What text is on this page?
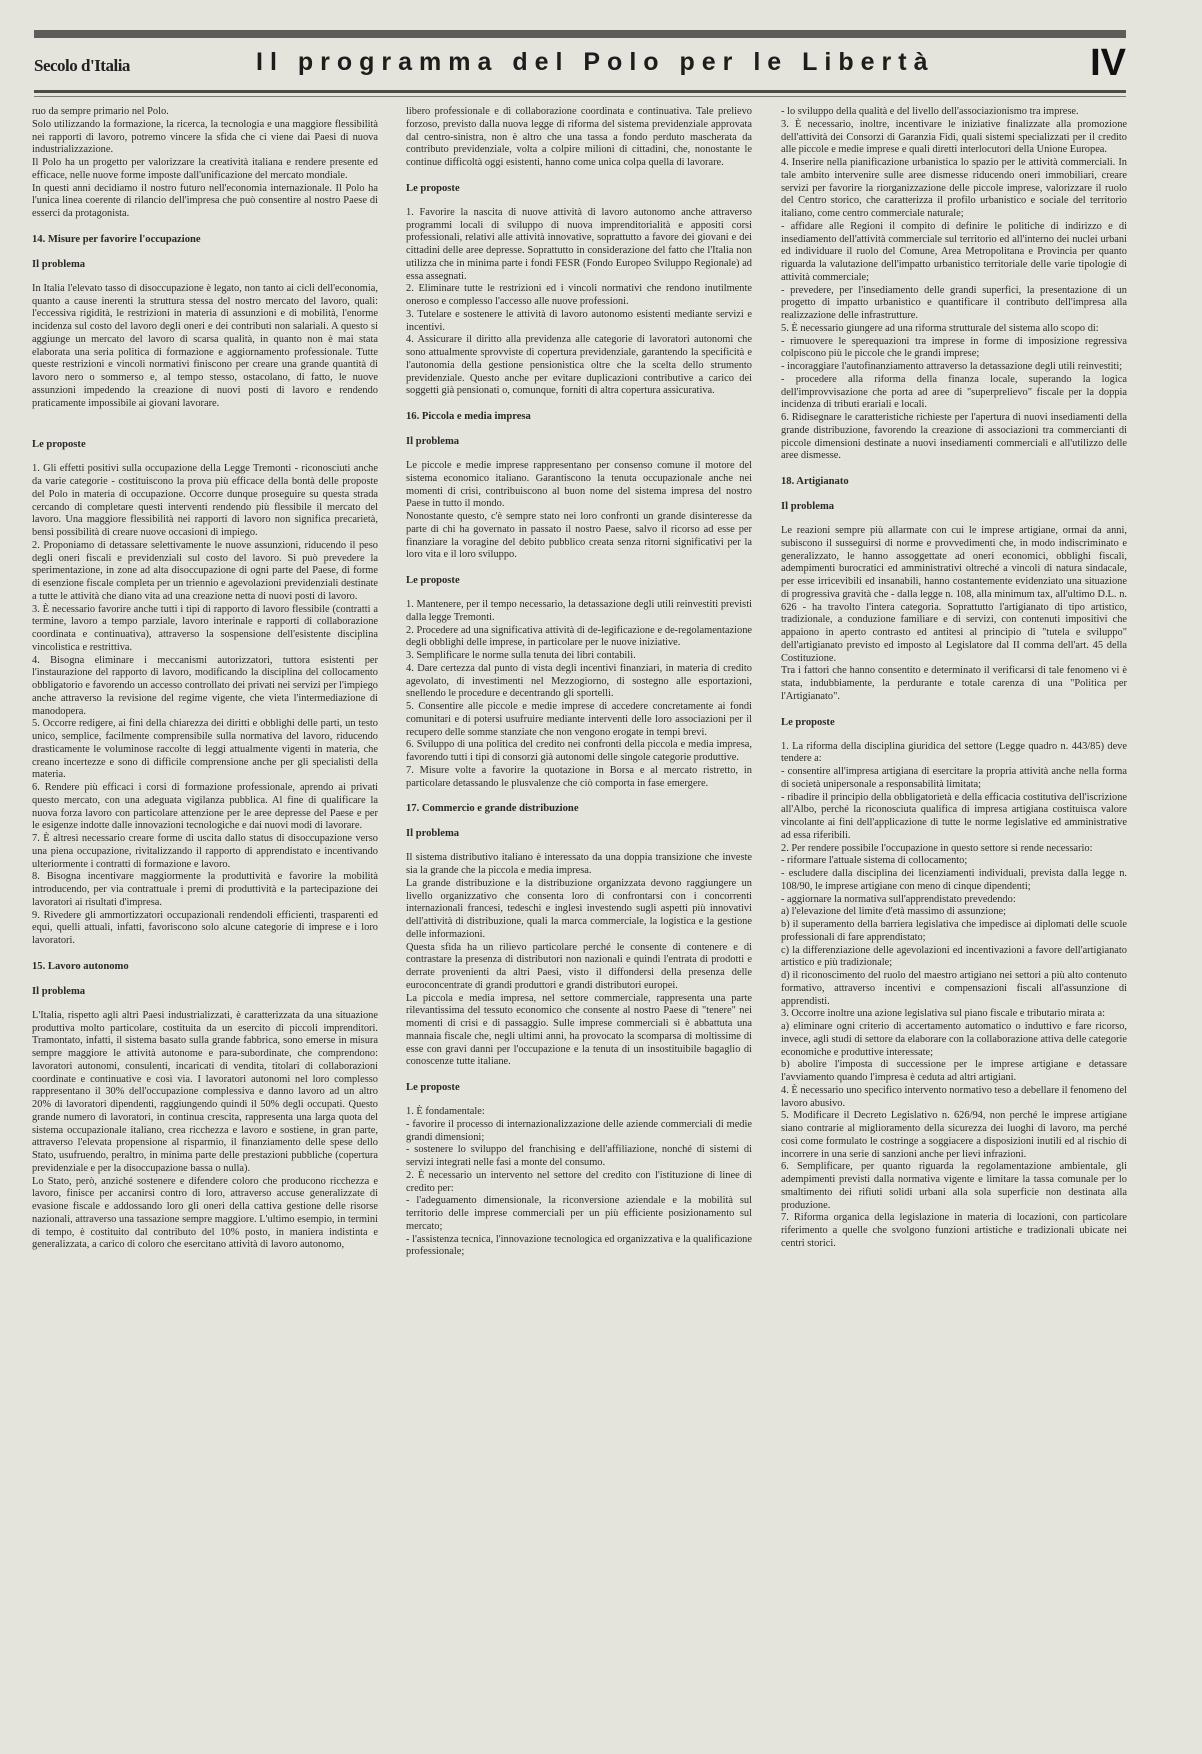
Secolo d'Italia	Il programma del Polo per le Libertà	IV

ruo da sempre primario nel Polo.

Solo utilizzando la formazione, la ricerca, la tecnologia e una maggiore flessibilità nei rapporti di lavoro, potremo vincere la sfida che ci viene dai Paesi di nuova industrializzazione.

Il Polo ha un progetto per valorizzare la creatività italiana e rendere presente ed efficace, nelle nuove forme imposte dall'unificazione del mercato mondiale.

In questi anni decidiamo il nostro futuro nell'economia internazionale. Il Polo ha l'unica linea coerente di rilancio dell'impresa che può consentire al nostro Paese di esserci da protagonista.

14. Misure per favorire l'occupazione
Il problema

In Italia l'elevato tasso di disoccupazione è legato, non tanto ai cicli dell'economia, quanto a cause inerenti la struttura stessa del nostro mercato del lavoro, quali: l'eccessiva rigidità, le restrizioni in materia di assunzioni e di mobilità, l'enorme incidenza sul costo del lavoro degli oneri e dei contributi non salariali. A questo si aggiunge un mercato del lavoro di scarsa qualità, in quanto non è mai stata elaborata una seria politica di formazione e aggiornamento professionale. Tutte queste restrizioni e vincoli normativi finiscono per creare una grande quantità di lavoro nero o sommerso e, al tempo stesso, ostacolano, di fatto, le nuove assunzioni impedendo la creazione di nuovi posti di lavoro e rendendo praticamente impossibile ai giovani lavorare.

Le proposte

1. Gli effetti positivi sulla occupazione della Legge Tremonti - riconosciuti anche da varie categorie - costituiscono la prova più efficace della bontà delle proposte del Polo in materia di occupazione. Occorre dunque proseguire su questa strada cercando di completare questi interventi rendendo più flessibile il mercato del lavoro. Una maggiore flessibilità nei rapporti di lavoro non significa precarietà, bensì possibilità di creare nuove occasioni di impiego.

2. Proponiamo di detassare selettivamente le nuove assunzioni, riducendo il peso degli oneri fiscali e previdenziali sul costo del lavoro. Si può prevedere la sperimentazione, in zone ad alta disoccupazione di ogni parte del Paese, di forme di esenzione fiscale completa per un triennio e agevolazioni previdenziali destinate a tutte le attività che diano vita ad una creazione netta di nuovi posti di lavoro.

3. È necessario favorire anche tutti i tipi di rapporto di lavoro flessibile (contratti a termine, lavoro a tempo parziale, lavoro interinale e rapporti di collaborazione coordinata e continuativa), attraverso la sospensione dell'esistente disciplina vincolistica e restrittiva.

4. Bisogna eliminare i meccanismi autorizzatori, tuttora esistenti per l'instaurazione del rapporto di lavoro, modificando la disciplina del collocamento obbligatorio e favorendo un accesso controllato dei privati nei servizi per l'impiego anche attraverso la revisione del regime vigente, che vieta l'intermediazione di manodopera.

5. Occorre redigere, ai fini della chiarezza dei diritti e obblighi delle parti, un testo unico, semplice, facilmente comprensibile sulla normativa del lavoro, riducendo drasticamente le voluminose raccolte di leggi attualmente vigenti in materia, che creano incertezze e sono di difficile comprensione anche per gli specialisti della materia.

6. Rendere più efficaci i corsi di formazione professionale, aprendo ai privati questo mercato, con una adeguata vigilanza pubblica. Al fine di qualificare la nuova forza lavoro con particolare attenzione per le aree depresse del Paese e per le esigenze indotte dalle innovazioni tecnologiche e dai nuovi modi di lavorare.

7. È altresì necessario creare forme di uscita dallo status di disoccupazione verso una piena occupazione, rivitalizzando il rapporto di apprendistato e incentivando ulteriormente i contratti di formazione e lavoro.

8. Bisogna incentivare maggiormente la produttività e favorire la mobilità introducendo, per via contrattuale i premi di produttività e la partecipazione dei lavoratori ai risultati d'impresa.

9. Rivedere gli ammortizzatori occupazionali rendendoli efficienti, trasparenti ed equi, quelli attuali, infatti, favoriscono solo alcune categorie di imprese e i loro lavoratori.

15. Lavoro autonomo
Il problema

L'Italia, rispetto agli altri Paesi industrializzati, è caratterizzata da una situazione produttiva molto particolare, costituita da un esercito di piccoli imprenditori. Tramontato, infatti, il sistema basato sulla grande fabbrica, sono emerse in misura sempre maggiore le attività autonome e para-subordinate, che comprendono: lavoratori autonomi, consulenti, incaricati di vendita, titolari di collaborazioni coordinate e continuative e così via. I lavoratori autonomi nel loro complesso rappresentano il 30% dell'occupazione complessiva e danno lavoro ad un altro 20% di lavoratori dipendenti, raggiungendo quindi il 50% degli occupati. Questo grande numero di lavoratori, in continua crescita, rappresenta una larga quota del sistema occupazionale italiano, crea ricchezza e lavoro e sostiene, in gran parte, attraverso l'elevata propensione al risparmio, il finanziamento delle spese dello Stato, usufruendo, peraltro, in minima parte delle prestazioni pubbliche (copertura previdenziale e per la disoccupazione bassa o nulla).

Lo Stato, però, anziché sostenere e difendere coloro che producono ricchezza e lavoro, finisce per accanirsi contro di loro, attraverso accuse generalizzate di evasione fiscale e addossando loro gli oneri della cattiva gestione delle risorse nazionali, attraverso una tassazione sempre maggiore. L'ultimo esempio, in termini di tempo, è costituito dal contributo del 10% posto, in maniera indistinta e generalizzata, a carico di coloro che esercitano attività di lavoro autonomo,

libero professionale e di collaborazione coordinata e continuativa. Tale prelievo forzoso, previsto dalla nuova legge di riforma del sistema previdenziale approvata dal centro-sinistra, non è altro che una tassa a fondo perduto mascherata da contributo previdenziale, volta a colpire milioni di cittadini, che, nonostante le continue difficoltà oggi esistenti, hanno come unica colpa quella di lavorare.

Le proposte

1. Favorire la nascita di nuove attività di lavoro autonomo anche attraverso programmi locali di sviluppo di nuova imprenditorialità e appositi corsi professionali, relativi alle attività innovative, soprattutto a favore dei giovani e dei cittadini delle aree depresse. Soprattutto in considerazione del fatto che l'Italia non utilizza che in minima parte i fondi FESR (Fondo Europeo Sviluppo Regionale) ad essa assegnati.

2. Eliminare tutte le restrizioni ed i vincoli normativi che rendono inutilmente oneroso e complesso l'accesso alle nuove professioni.

3. Tutelare e sostenere le attività di lavoro autonomo esistenti mediante servizi e incentivi.

4. Assicurare il diritto alla previdenza alle categorie di lavoratori autonomi che sono attualmente sprovviste di copertura previdenziale, garantendo la specificità e l'autonomia della gestione pensionistica oltre che la scelta dello strumento previdenziale. Questo anche per evitare duplicazioni contributive a carico dei soggetti già pensionati o, comunque, forniti di altra copertura assicurativa.

16. Piccola e media impresa
Il problema

Le piccole e medie imprese rappresentano per consenso comune il motore del sistema economico italiano. Garantiscono la tenuta occupazionale anche nei momenti di crisi, contribuiscono al buon nome del sistema impresa del nostro Paese in tutto il mondo.

Nonostante questo, c'è sempre stato nei loro confronti un grande disinteresse da parte di chi ha governato in passato il nostro Paese, salvo il ricorso ad esse per finanziare la voragine del debito pubblico creata senza ritorni significativi per la loro vita e il loro sviluppo.

Le proposte

1. Mantenere, per il tempo necessario, la detassazione degli utili reinvestiti previsti dalla legge Tremonti.

2. Procedere ad una significativa attività di de-legificazione e de-regolamentazione degli obblighi delle imprese, in particolare per le nuove iniziative.

3. Semplificare le norme sulla tenuta dei libri contabili.

4. Dare certezza dal punto di vista degli incentivi finanziari, in materia di credito agevolato, di investimenti nel Mezzogiorno, di sostegno alle esportazioni, snellendo le procedure e decentrando gli sportelli.

5. Consentire alle piccole e medie imprese di accedere concretamente ai fondi comunitari e di potersi usufruire mediante interventi delle loro associazioni per il recupero delle somme stanziate che non vengono erogate in tempi brevi.

6. Sviluppo di una politica del credito nei confronti della piccola e media impresa, favorendo tutti i tipi di consorzi già autonomi delle singole categorie produttive.

7. Misure volte a favorire la quotazione in Borsa e al mercato ristretto, in particolare detassando le plusvalenze che ciò comporta in fase emergere.

17. Commercio e grande distribuzione
Il problema

Il sistema distributivo italiano è interessato da una doppia transizione che investe sia la grande che la piccola e media impresa.

La grande distribuzione e la distribuzione organizzata devono raggiungere un livello organizzativo che consenta loro di confrontarsi con i concorrenti internazionali francesi, tedeschi e inglesi investendo sugli aspetti più innovativi dell'attività di distribuzione, quali la marca commerciale, la logistica e la gestione delle informazioni.

Questa sfida ha un rilievo particolare perché le consente di contenere e di contrastare la presenza di distributori non nazionali e quindi l'entrata di prodotti e derrate provenienti da altri Paesi, visto il diffondersi della presenza delle euroconcentrate di grandi produttori e grandi distributori europei.

La piccola e media impresa, nel settore commerciale, rappresenta una parte rilevantissima del tessuto economico che consente al nostro Paese di "tenere" nei momenti di crisi e di passaggio. Sulle imprese commerciali si è abbattuta una mannaia fiscale che, negli ultimi anni, ha provocato la scomparsa di moltissime di esse con gravi danni per l'occupazione e la tenuta di un insostituibile bagaglio di conoscenze tutte italiane.

Le proposte

1. È fondamentale:

- favorire il processo di internazionalizzazione delle aziende commerciali di medie grandi dimensioni;

- sostenere lo sviluppo del franchising e dell'affiliazione, nonché di sistemi di servizi integrati nelle fasi a monte del consumo.

2. È necessario un intervento nel settore del credito con l'istituzione di linee di credito per:

- l'adeguamento dimensionale, la riconversione aziendale e la mobilità sul territorio delle imprese commerciali per un più efficiente posizionamento sul mercato;

- l'assistenza tecnica, l'innovazione tecnologica ed organizzativa e la qualificazione professionale;

- lo sviluppo della qualità e del livello dell'associazionismo tra imprese.

3. È necessario, inoltre, incentivare le iniziative finalizzate alla promozione dell'attività dei Consorzi di Garanzia Fidi, quali sistemi specializzati per il credito alle piccole e medie imprese e quali diretti interlocutori della Unione Europea.

4. Inserire nella pianificazione urbanistica lo spazio per le attività commerciali. In tale ambito intervenire sulle aree dismesse riducendo oneri immobiliari, creare servizi per favorire la riorganizzazione delle piccole imprese, valorizzare il ruolo del Centro storico, che caratterizza il profilo urbanistico e sociale del territorio italiano, come centro commerciale naturale;

- affidare alle Regioni il compito di definire le politiche di indirizzo e di insediamento dell'attività commerciale sul territorio ed all'interno dei nuclei urbani ed individuare il ruolo del Comune, Area Metropolitana e Provincia per quanto riguarda la valutazione dell'impatto urbanistico territoriale delle varie tipologie di attività commerciale;

- prevedere, per l'insediamento delle grandi superfici, la presentazione di un progetto di impatto urbanistico e quantificare il contributo dell'impresa alla realizzazione delle infrastrutture.

5. È necessario giungere ad una riforma strutturale del sistema allo scopo di:

- rimuovere le sperequazioni tra imprese in forme di imposizione regressiva colpiscono più le piccole che le grandi imprese;

- incoraggiare l'autofinanziamento attraverso la detassazione degli utili reinvestiti;

- procedere alla riforma della finanza locale, superando la logica dell'improvvisazione che porta ad aree di "superprelievo" fiscale per la doppia incidenza di tributi erariali e locali.

6. Ridisegnare le caratteristiche richieste per l'apertura di nuovi insediamenti della grande distribuzione, favorendo la creazione di associazioni tra commercianti di piccole dimensioni destinate a nuovi insediamenti commerciali e all'utilizzo delle aree dismesse.

18. Artigianato
Il problema

Le reazioni sempre più allarmate con cui le imprese artigiane, ormai da anni, subiscono il susseguirsi di norme e provvedimenti che, in modo indiscriminato e generalizzato, le hanno assoggettate ad oneri economici, obblighi fiscali, adempimenti burocratici ed amministrativi oltreché a vincoli di natura sindacale, per esse irricevibili ed insanabili, hanno costantemente evidenziato una situazione di progressiva gravità che - dalla legge n. 108, alla minimum tax, all'ultimo D.L. n. 626 - ha travolto l'intera categoria. Soprattutto l'artigianato di tipo artistico, tradizionale, a conduzione familiare e di servizi, con contenuti impositivi che appaiono in aperto contrasto ed antitesi al principio di "tutela e sviluppo" dell'artigianato previsto ed imposto al Legislatore dal II comma dell'art. 45 della Costituzione.

Tra i fattori che hanno consentito e determinato il verificarsi di tale fenomeno vi è stata, indubbiamente, la perdurante e totale carenza di una "Politica per l'Artigianato".

Le proposte

1. La riforma della disciplina giuridica del settore (Legge quadro n. 443/85) deve tendere a:

- consentire all'impresa artigiana di esercitare la propria attività anche nella forma di società unipersonale a responsabilità limitata;

- ribadire il principio della obbligatorietà e della efficacia costitutiva dell'iscrizione all'Albo, perché la riconosciuta qualifica di impresa artigiana costituisca valore vincolante ai fini dell'applicazione di tutte le norme legislative ed amministrative ad essa riferibili.

2. Per rendere possibile l'occupazione in questo settore si rende necessario:

- riformare l'attuale sistema di collocamento;

- escludere dalla disciplina dei licenziamenti individuali, prevista dalla legge n. 108/90, le imprese artigiane con meno di cinque dipendenti;

- aggiornare la normativa sull'apprendistato prevedendo:

a) l'elevazione del limite d'età massimo di assunzione;

b) il superamento della barriera legislativa che impedisce ai diplomati delle scuole professionali di fare apprendistato;

c) la differenziazione delle agevolazioni ed incentivazioni a favore dell'artigianato artistico e più tradizionale;

d) il riconoscimento del ruolo del maestro artigiano nei settori a più alto contenuto formativo, attraverso incentivi e compensazioni fiscali all'assunzione di apprendisti.

3. Occorre inoltre una azione legislativa sul piano fiscale e tributario mirata a:

a) eliminare ogni criterio di accertamento automatico o induttivo e fare ricorso, invece, agli studi di settore da elaborare con la collaborazione attiva delle categorie economiche e produttive interessate;

b) abolire l'imposta di successione per le imprese artigiane e detassare l'avviamento quando l'impresa è ceduta ad altri artigiani.

4. È necessario uno specifico intervento normativo teso a debellare il fenomeno del lavoro abusivo.

5. Modificare il Decreto Legislativo n. 626/94, non perché le imprese artigiane siano contrarie al miglioramento della sicurezza dei luoghi di lavoro, ma perché così come formulato le costringe a soggiacere a disposizioni inutili ed al rischio di incorrere in una serie di sanzioni anche per lievi infrazioni.

6. Semplificare, per quanto riguarda la regolamentazione ambientale, gli adempimenti previsti dalla normativa vigente e limitare la tassa comunale per lo smaltimento dei rifiuti solidi urbani alla sola superficie non destinata alla produzione.

7. Riforma organica della legislazione in materia di locazioni, con particolare riferimento a quelle che svolgono funzioni artistiche e tradizionali ubicate nei centri storici.
